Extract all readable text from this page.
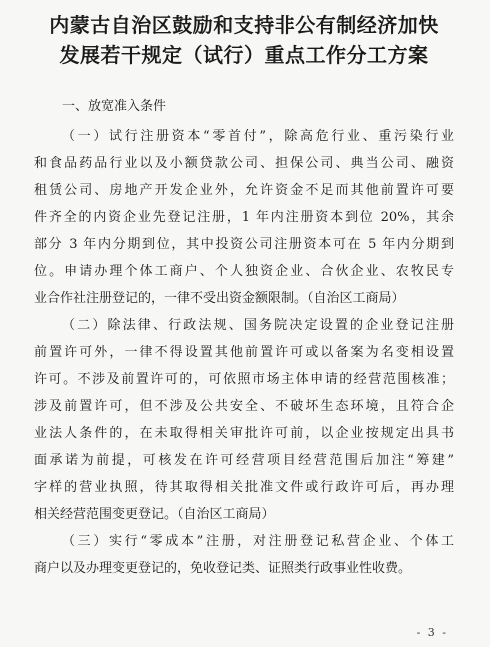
内蒙古自治区鼓励和支持非公有制经济加快
发展若干规定（试行）重点工作分工方案
一、放宽准入条件
（一）试行注册资本“零首付”，除高危行业、重污染行业
和食品药品行业以及小额贷款公司、担保公司、典当公司、融资
租赁公司、房地产开发企业外，允许资金不足而其他前置许可要
件齐全的内资企业先登记注册，1 年内注册资本到位 20%，其余
部分 3 年内分期到位，其中投资公司注册资本可在 5 年内分期到
位。申请办理个体工商户、个人独资企业、合伙企业、农牧民专
业合作社注册登记的，一律不受出资金额限制。（自治区工商局）
（二）除法律、行政法规、国务院决定设置的企业登记注册
前置许可外，一律不得设置其他前置许可或以备案为名变相设置
许可。不涉及前置许可的，可依照市场主体申请的经营范围核准；
涉及前置许可，但不涉及公共安全、不破坏生态环境，且符合企
业法人条件的，在未取得相关审批许可前，以企业按规定出具书
面承诺为前提，可核发在许可经营项目经营范围后加注“筹建”
字样的营业执照，待其取得相关批准文件或行政许可后，再办理
相关经营范围变更登记。（自治区工商局）
（三）实行“零成本”注册，对注册登记私营企业、个体工
商户以及办理变更登记的，免收登记类、证照类行政事业性收费。
- 3 -
